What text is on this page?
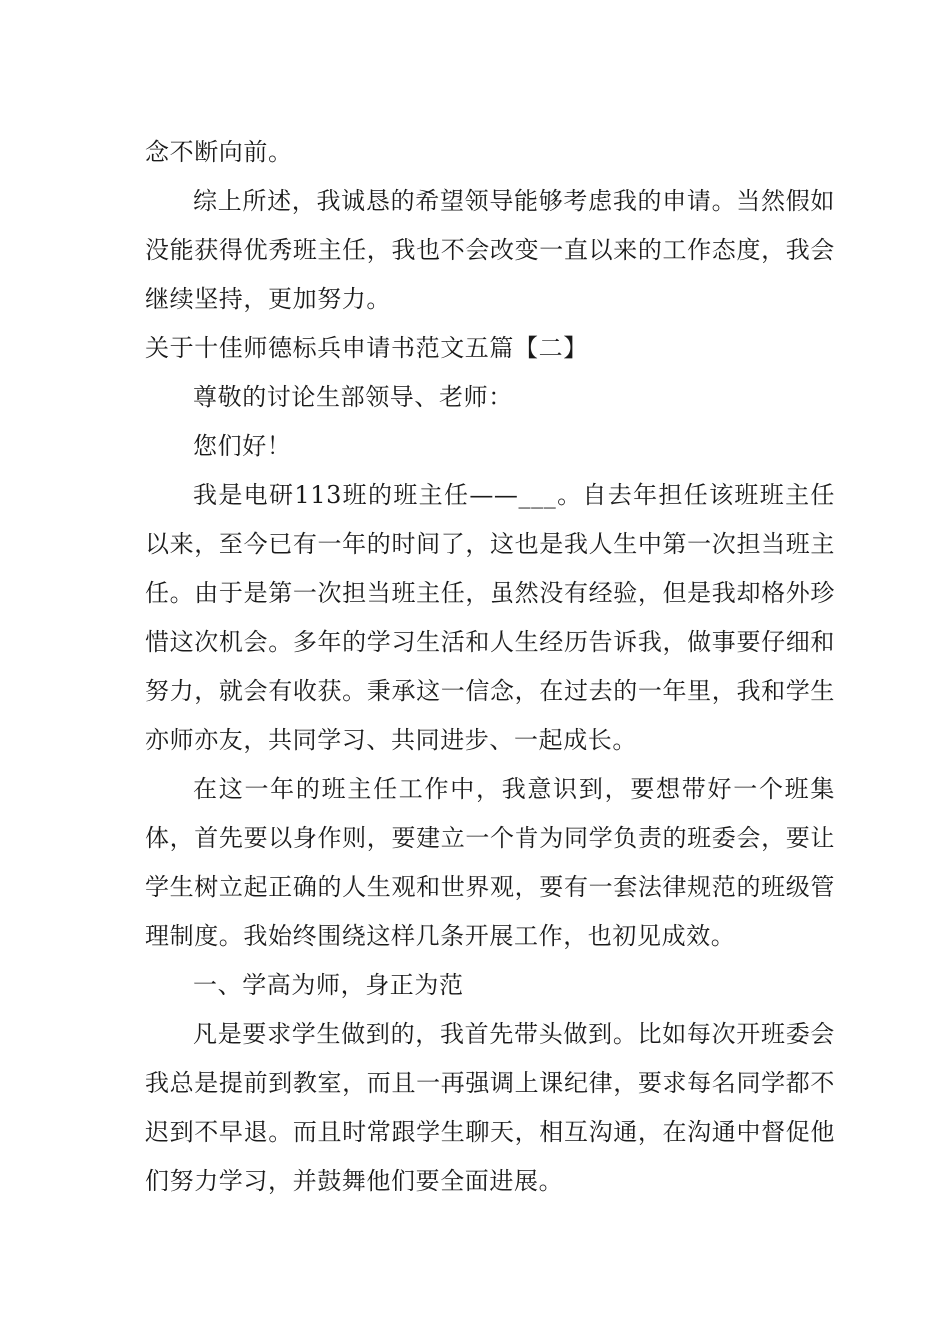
念不断向前。

综上所述，我诚恳的希望领导能够考虑我的申请。当然假如没能获得优秀班主任，我也不会改变一直以来的工作态度，我会继续坚持，更加努力。

关于十佳师德标兵申请书范文五篇【二】

尊敬的讨论生部领导、老师：

您们好！

我是电研113班的班主任——___。自去年担任该班班主任以来，至今已有一年的时间了，这也是我人生中第一次担当班主任。由于是第一次担当班主任，虽然没有经验，但是我却格外珍惜这次机会。多年的学习生活和人生经历告诉我，做事要仔细和努力，就会有收获。秉承这一信念，在过去的一年里，我和学生亦师亦友，共同学习、共同进步、一起成长。

在这一年的班主任工作中，我意识到，要想带好一个班集体，首先要以身作则，要建立一个肯为同学负责的班委会，要让学生树立起正确的人生观和世界观，要有一套法律规范的班级管理制度。我始终围绕这样几条开展工作，也初见成效。

一、学高为师，身正为范

凡是要求学生做到的，我首先带头做到。比如每次开班委会我总是提前到教室，而且一再强调上课纪律，要求每名同学都不迟到不早退。而且时常跟学生聊天，相互沟通，在沟通中督促他们努力学习，并鼓舞他们要全面进展。
